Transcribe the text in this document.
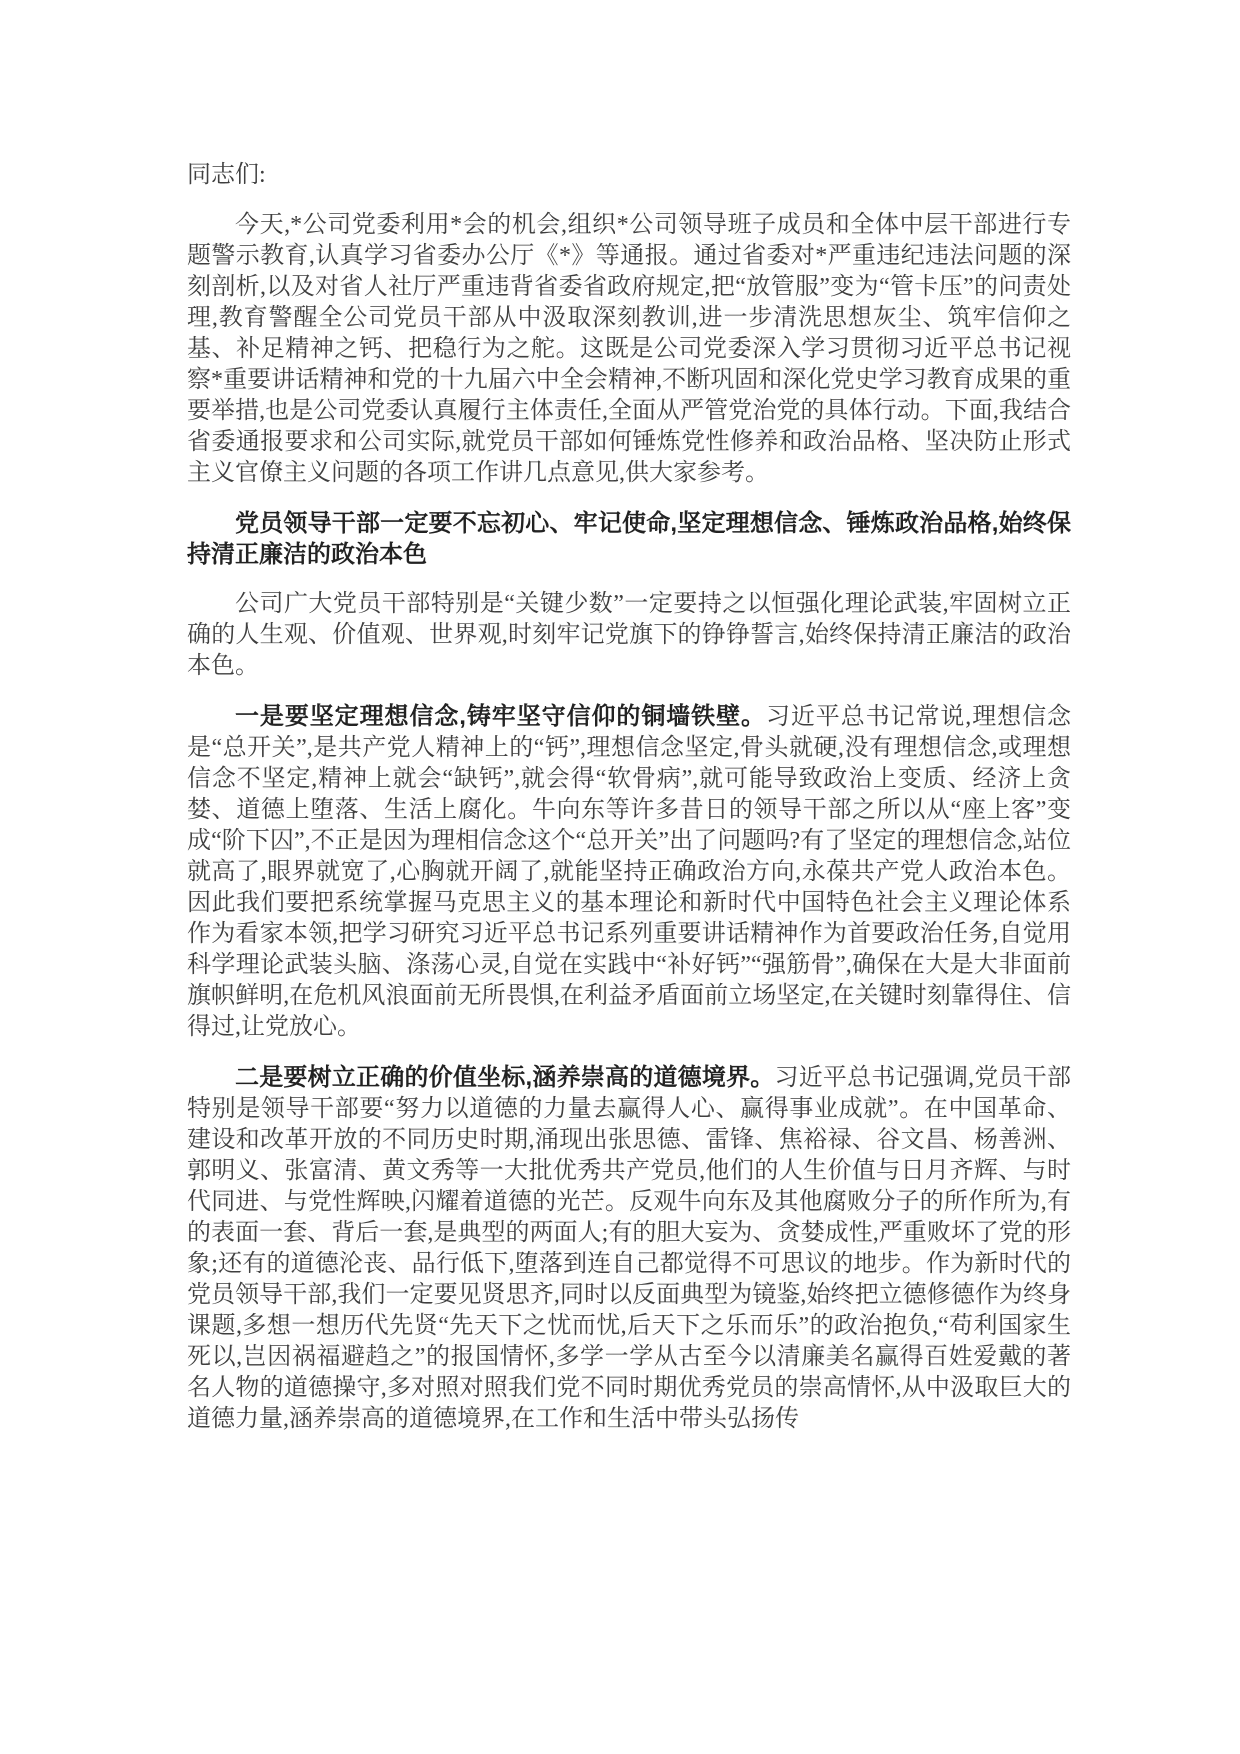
同志们:

今天,*公司党委利用*会的机会,组织*公司领导班子成员和全体中层干部进行专题警示教育,认真学习省委办公厅《*》等通报。通过省委对*严重违纪违法问题的深刻剖析,以及对省人社厅严重违背省委省政府规定,把“放管服”变为“管卡压”的问责处理,教育警醒全公司党员干部从中汲取深刻教训,进一步清洗思想灰尘、筑牢信仰之基、补足精神之钙、把稳行为之舵。这既是公司党委深入学习贯彻习近平总书记视察*重要讲话精神和党的十九届六中全会精神,不断巩固和深化党史学习教育成果的重要举措,也是公司党委认真履行主体责任,全面从严管党治党的具体行动。下面,我结合省委通报要求和公司实际,就党员干部如何锤炼党性修养和政治品格、坚决防止形式主义官僚主义问题的各项工作讲几点意见,供大家参考。

党员领导干部一定要不忘初心、牢记使命,坚定理想信念、锤炼政治品格,始终保持清正廉洁的政治本色

公司广大党员干部特别是“关键少数”一定要持之以恒强化理论武装,牢固树立正确的人生观、价值观、世界观,时刻牢记党旗下的铮铮誓言,始终保持清正廉洁的政治本色。

一是要坚定理想信念,铸牢坚守信仰的铜墙铁壁。习近平总书记常说,理想信念是“总开关”,是共产党人精神上的“钙”,理想信念坚定,骨头就硬,没有理想信念,或理想信念不坚定,精神上就会“缺钙”,就会得“软骨病”,就可能导致政治上变质、经济上贪婪、道德上堕落、生活上腐化。牛向东等许多昔日的领导干部之所以从“座上客”变成“阶下囚”,不正是因为理相信念这个“总开关”出了问题吗?有了坚定的理想信念,站位就高了,眼界就宽了,心胸就开阔了,就能坚持正确政治方向,永葆共产党人政治本色。因此我们要把系统掌握马克思主义的基本理论和新时代中国特色社会主义理论体系作为看家本领,把学习研究习近平总书记系列重要讲话精神作为首要政治任务,自觉用科学理论武装头脑、涤荡心灵,自觉在实践中“补好钙”“强筋骨”,确保在大是大非面前旗帜鲜明,在危机风浪面前无所畏惧,在利益矛盾面前立场坚定,在关键时刻靠得住、信得过,让党放心。

二是要树立正确的价值坐标,涵养崇高的道德境界。习近平总书记强调,党员干部特别是领导干部要“努力以道德的力量去赢得人心、赢得事业成就”。在中国革命、建设和改革开放的不同历史时期,涌现出张思德、雷锋、焦裕禄、谷文昌、杨善洲、郭明义、张富清、黄文秀等一大批优秀共产党员,他们的人生价值与日月齐辉、与时代同进、与党性辉映,闪耀着道德的光芒。反观牛向东及其他腐败分子的所作所为,有的表面一套、背后一套,是典型的两面人;有的胆大妄为、贪婪成性,严重败坏了党的形象;还有的道德沦丧、品行低下,堕落到连自己都觉得不可思议的地步。作为新时代的党员领导干部,我们一定要见贤思齐,同时以反面典型为镜鉴,始终把立德修德作为终身课题,多想一想历代先贤“先天下之忧而忧,后天下之乐而乐”的政治抱负,“苟利国家生死以,岂因祸福避趋之”的报国情怀,多学一学从古至今以清廉美名赢得百姓爱戴的著名人物的道德操守,多对照对照我们党不同时期优秀党员的崇高情怀,从中汲取巨大的道德力量,涵养崇高的道德境界,在工作和生活中带头弘扬传
